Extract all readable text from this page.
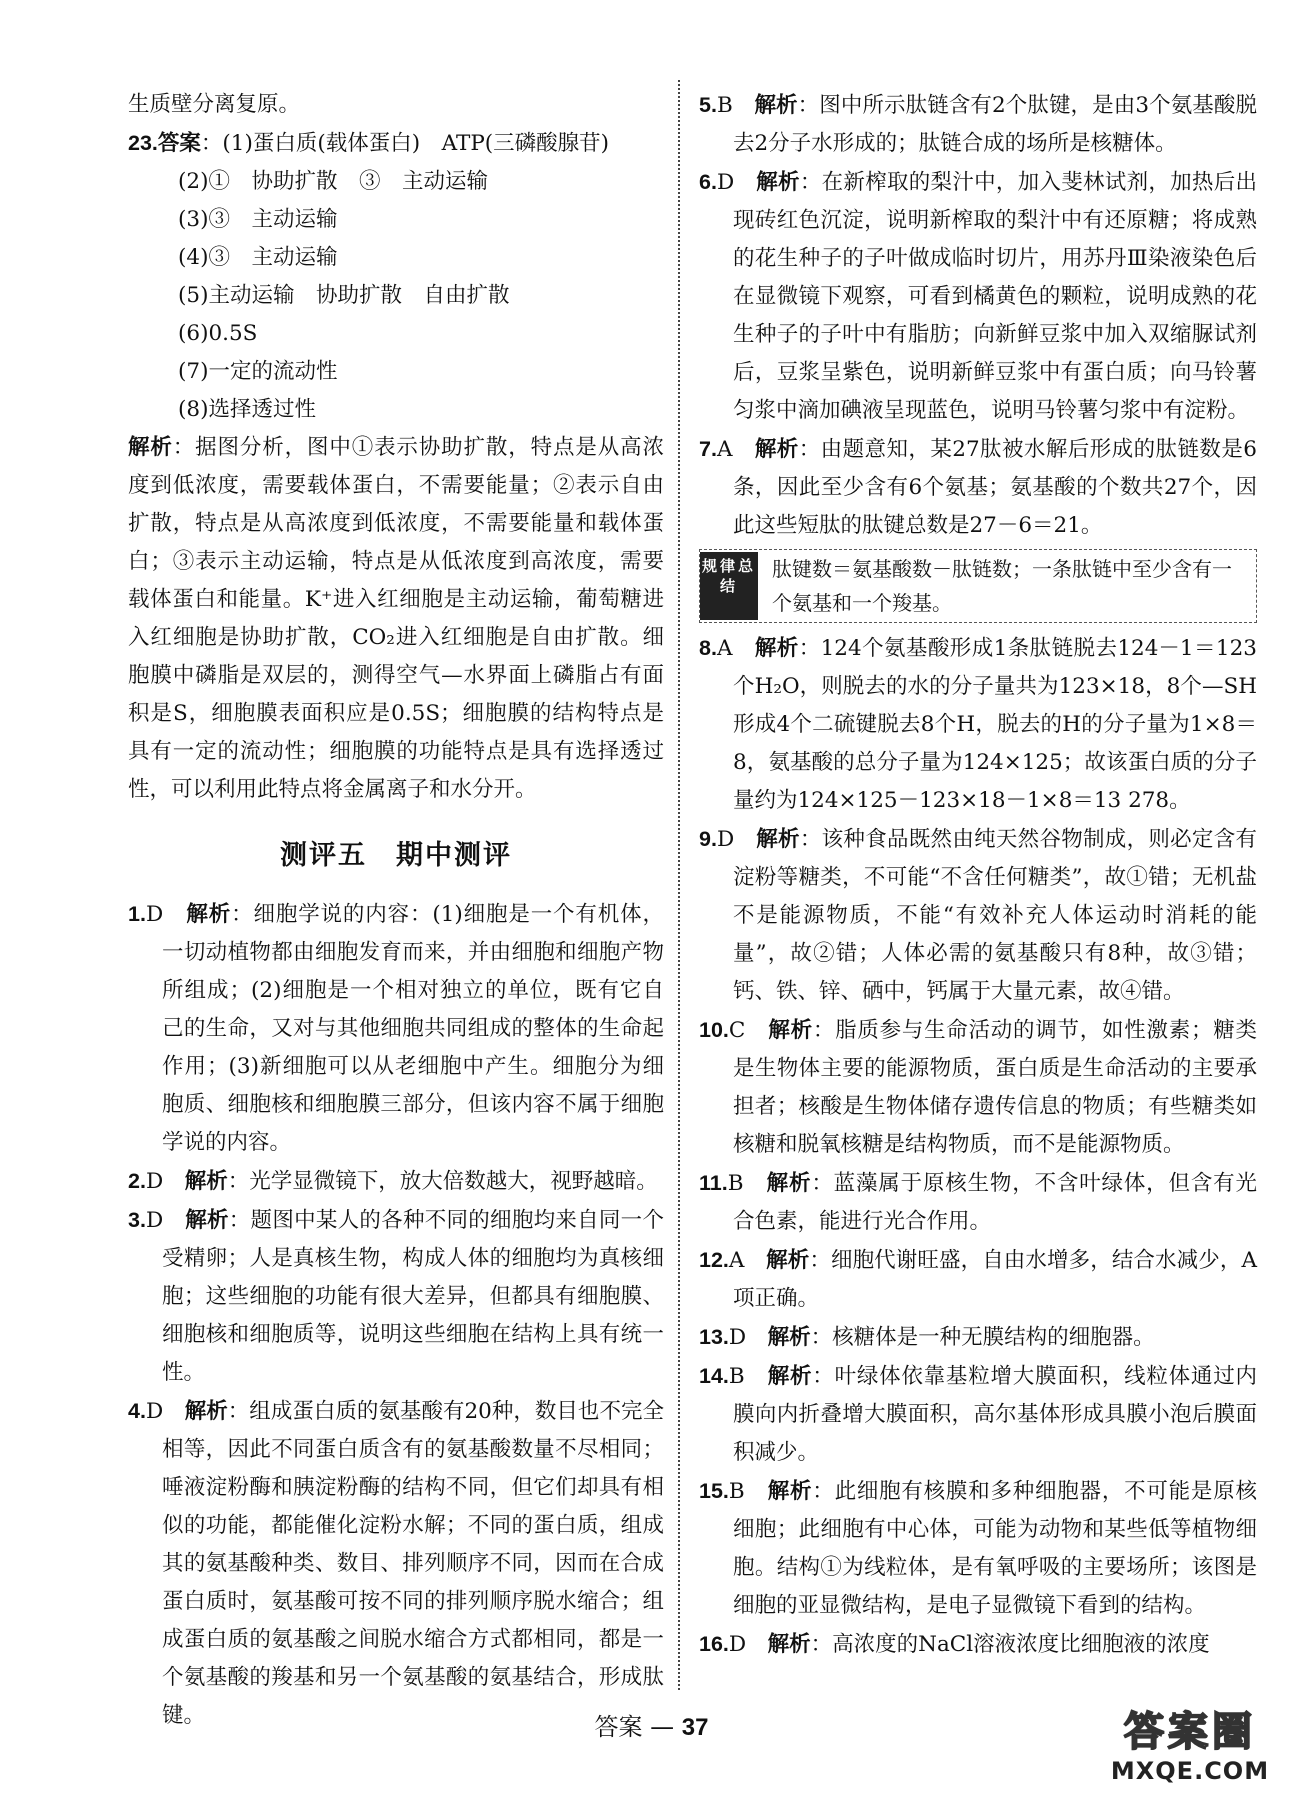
生质壁分离复原。

23.答案：(1)蛋白质(载体蛋白)　ATP(三磷酸腺苷)

(2)①　协助扩散　③　主动运输

(3)③　主动运输

(4)③　主动运输

(5)主动运输　协助扩散　自由扩散

(6)0.5S

(7)一定的流动性

(8)选择透过性

解析：据图分析，图中①表示协助扩散，特点是从高浓度到低浓度，需要载体蛋白，不需要能量；②表示自由扩散，特点是从高浓度到低浓度，不需要能量和载体蛋白；③表示主动运输，特点是从低浓度到高浓度，需要载体蛋白和能量。K⁺进入红细胞是主动运输，葡萄糖进入红细胞是协助扩散，CO₂进入红细胞是自由扩散。细胞膜中磷脂是双层的，测得空气—水界面上磷脂占有面积是S，细胞膜表面积应是0.5S；细胞膜的结构特点是具有一定的流动性；细胞膜的功能特点是具有选择透过性，可以利用此特点将金属离子和水分开。

测评五　期中测评

1.D　 解析：细胞学说的内容：(1)细胞是一个有机体，一切动植物都由细胞发育而来，并由细胞和细胞产物所组成；(2)细胞是一个相对独立的单位，既有它自己的生命，又对与其他细胞共同组成的整体的生命起作用；(3)新细胞可以从老细胞中产生。细胞分为细胞质、细胞核和细胞膜三部分，但该内容不属于细胞学说的内容。

2.D　 解析：光学显微镜下，放大倍数越大，视野越暗。

3.D　 解析：题图中某人的各种不同的细胞均来自同一个受精卵；人是真核生物，构成人体的细胞均为真核细胞；这些细胞的功能有很大差异，但都具有细胞膜、细胞核和细胞质等，说明这些细胞在结构上具有统一性。

4.D　 解析：组成蛋白质的氨基酸有20种，数目也不完全相等，因此不同蛋白质含有的氨基酸数量不尽相同；唾液淀粉酶和胰淀粉酶的结构不同，但它们却具有相似的功能，都能催化淀粉水解；不同的蛋白质，组成其的氨基酸种类、数目、排列顺序不同，因而在合成蛋白质时，氨基酸可按不同的排列顺序脱水缩合；组成蛋白质的氨基酸之间脱水缩合方式都相同，都是一个氨基酸的羧基和另一个氨基酸的氨基结合，形成肽键。

5.B　 解析：图中所示肽链含有2个肽键，是由3个氨基酸脱去2分子水形成的；肽链合成的场所是核糖体。

6.D　 解析：在新榨取的梨汁中，加入斐林试剂，加热后出现砖红色沉淀，说明新榨取的梨汁中有还原糖；将成熟的花生种子的子叶做成临时切片，用苏丹Ⅲ染液染色后在显微镜下观察，可看到橘黄色的颗粒，说明成熟的花生种子的子叶中有脂肪；向新鲜豆浆中加入双缩脲试剂后，豆浆呈紫色，说明新鲜豆浆中有蛋白质；向马铃薯匀浆中滴加碘液呈现蓝色，说明马铃薯匀浆中有淀粉。

7.A　 解析：由题意知，某27肽被水解后形成的肽链数是6条，因此至少含有6个氨基；氨基酸的个数共27个，因此这些短肽的肽键总数是27－6＝21。

规律总结
肽键数＝氨基酸数－肽链数；一条肽链中至少含有一个氨基和一个羧基。

8.A　 解析：124个氨基酸形成1条肽链脱去124－1＝123个H₂O，则脱去的水的分子量共为123×18，8个—SH形成4个二硫键脱去8个H，脱去的H的分子量为1×8＝8，氨基酸的总分子量为124×125；故该蛋白质的分子量约为124×125－123×18－1×8＝13 278。

9.D　 解析：该种食品既然由纯天然谷物制成，则必定含有淀粉等糖类，不可能“不含任何糖类”，故①错；无机盐不是能源物质，不能“有效补充人体运动时消耗的能量”，故②错；人体必需的氨基酸只有8种，故③错；钙、铁、锌、硒中，钙属于大量元素，故④错。

10.C　 解析：脂质参与生命活动的调节，如性激素；糖类是生物体主要的能源物质，蛋白质是生命活动的主要承担者；核酸是生物体储存遗传信息的物质；有些糖类如核糖和脱氧核糖是结构物质，而不是能源物质。

11.B　 解析：蓝藻属于原核生物，不含叶绿体，但含有光合色素，能进行光合作用。

12.A　 解析：细胞代谢旺盛，自由水增多，结合水减少，A项正确。

13.D　 解析：核糖体是一种无膜结构的细胞器。

14.B　 解析：叶绿体依靠基粒增大膜面积，线粒体通过内膜向内折叠增大膜面积，高尔基体形成具膜小泡后膜面积减少。

15.B　 解析：此细胞有核膜和多种细胞器，不可能是原核细胞；此细胞有中心体，可能为动物和某些低等植物细胞。结构①为线粒体，是有氧呼吸的主要场所；该图是细胞的亚显微结构，是电子显微镜下看到的结构。

16.D　 解析：高浓度的NaCl溶液浓度比细胞液的浓度

答案 — 37	答案圈
MXQE.COM
